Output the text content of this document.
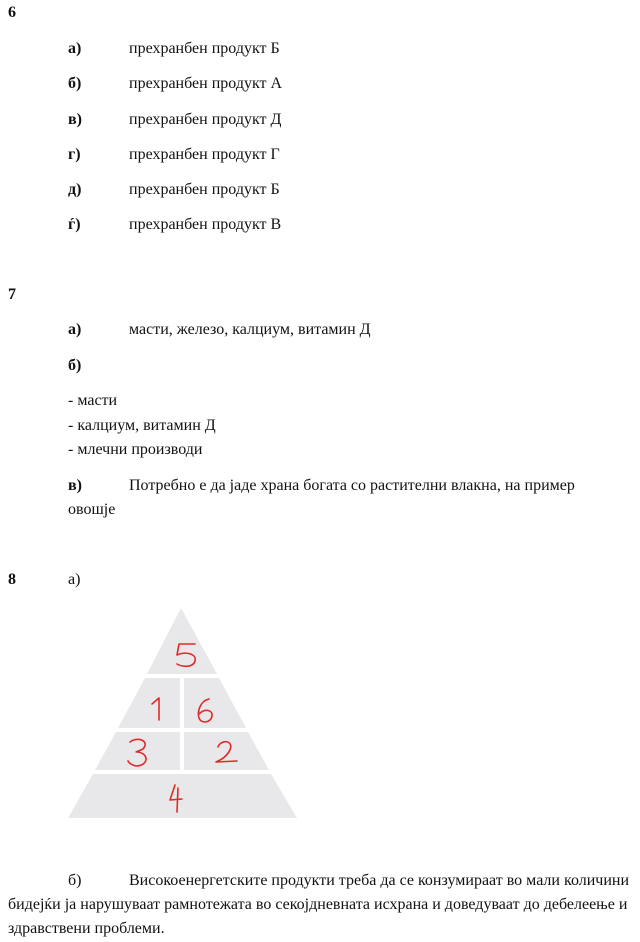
6
а)	прехранбен продукт Б
б)	прехранбен продукт А
в)	прехранбен продукт Д
г)	прехранбен продукт Г
д)	прехранбен продукт Б
ѓ)	прехранбен продукт В
7
а)	масти, железо, калциум, витамин Д
б)
- масти
- калциум, витамин Д
- млечни производи
в)	Потребно е да јаде храна богата со растителни влакна, на пример
овошје
8	а)
б)	Високоенергетските продукти треба да се конзумираат во мали количини бидејќи ја нарушуваат рамнотежата во секојдневната исхрана и доведуваат до дебелеење и здравствени проблеми.
